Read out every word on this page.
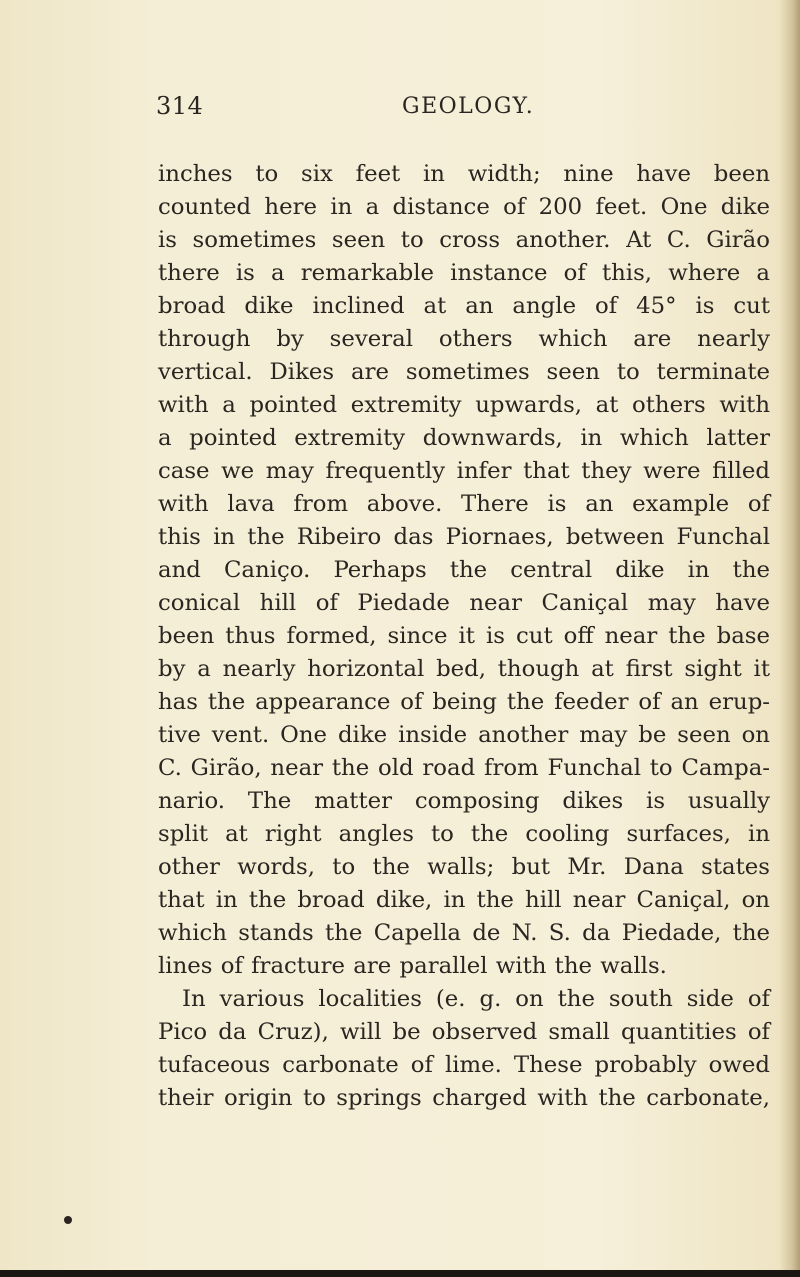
314	GEOLOGY.
inches to six feet in width; nine have been
counted here in a distance of 200 feet. One dike
is sometimes seen to cross another. At C. Girão
there is a remarkable instance of this, where a
broad dike inclined at an angle of 45° is cut
through by several others which are nearly
vertical. Dikes are sometimes seen to terminate
with a pointed extremity upwards, at others with
a pointed extremity downwards, in which latter
case we may frequently infer that they were filled
with lava from above. There is an example of
this in the Ribeiro das Piornaes, between Funchal
and Caniço. Perhaps the central dike in the
conical hill of Piedade near Caniçal may have
been thus formed, since it is cut off near the base
by a nearly horizontal bed, though at first sight it
has the appearance of being the feeder of an erup-
tive vent. One dike inside another may be seen on
C. Girão, near the old road from Funchal to Campa-
nario. The matter composing dikes is usually
split at right angles to the cooling surfaces, in
other words, to the walls; but Mr. Dana states
that in the broad dike, in the hill near Caniçal, on
which stands the Capella de N. S. da Piedade, the
lines of fracture are parallel with the walls.
In various localities (e. g. on the south side of
Pico da Cruz), will be observed small quantities of
tufaceous carbonate of lime. These probably owed
their origin to springs charged with the carbonate,
